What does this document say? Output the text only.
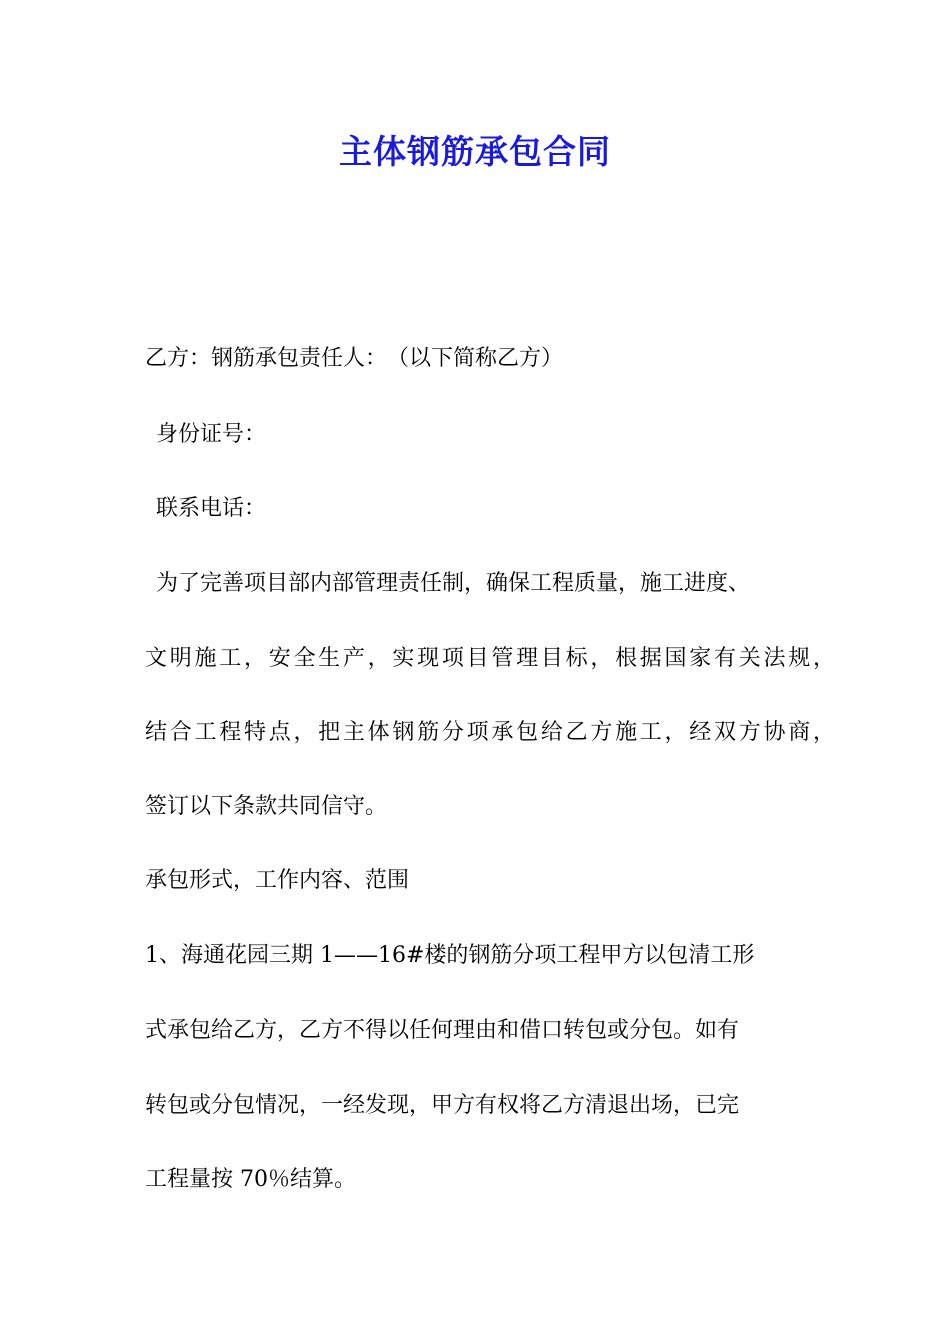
主体钢筋承包合同
乙方：钢筋承包责任人：　（以下简称乙方）
身份证号：
联系电话：
为了完善项目部内部管理责任制，确保工程质量，施工进度、
文明施工，安全生产，实现项目管理目标，根据国家有关法规，
结合工程特点，把主体钢筋分项承包给乙方施工，经双方协商，
签订以下条款共同信守。
承包形式，工作内容、范围
1、海通花园三期 1——16#楼的钢筋分项工程甲方以包清工形
式承包给乙方，乙方不得以任何理由和借口转包或分包。如有
转包或分包情况，一经发现，甲方有权将乙方清退出场，已完
工程量按 70％结算。
